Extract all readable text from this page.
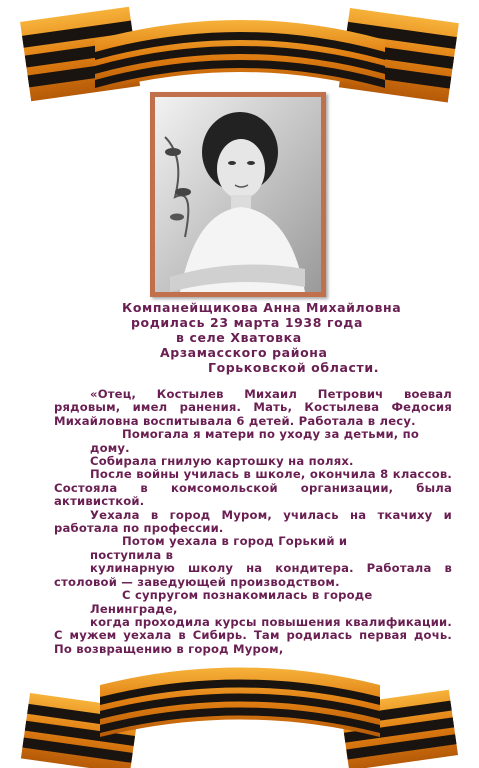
Компанейщикова Анна Михайловна
родилась 23 марта 1938 года
в селе Хватовка
Арзамасского района
Горьковской области.

«Отец, Костылев Михаил Петрович воевал рядовым, имел ранения. Мать, Костылева Федосия Михайловна воспитывала 6 детей. Работала в лесу.

Помогала я матери по уходу за детьми, по

дому.

Собирала гнилую картошку на полях.

После войны училась в школе, окончила 8 классов. Состояла в комсомольской организации, была активисткой.

Уехала в город Муром, училась на ткачиху и работала по профессии.

Потом уехала в город Горький и

поступила в

кулинарную школу на кондитера. Работала в столовой — заведующей производством.

С супругом познакомилась в городе

Ленинграде,

когда проходила курсы повышения квалификации. С мужем уехала в Сибирь. Там родилась первая дочь. По возвращению в город Муром,
